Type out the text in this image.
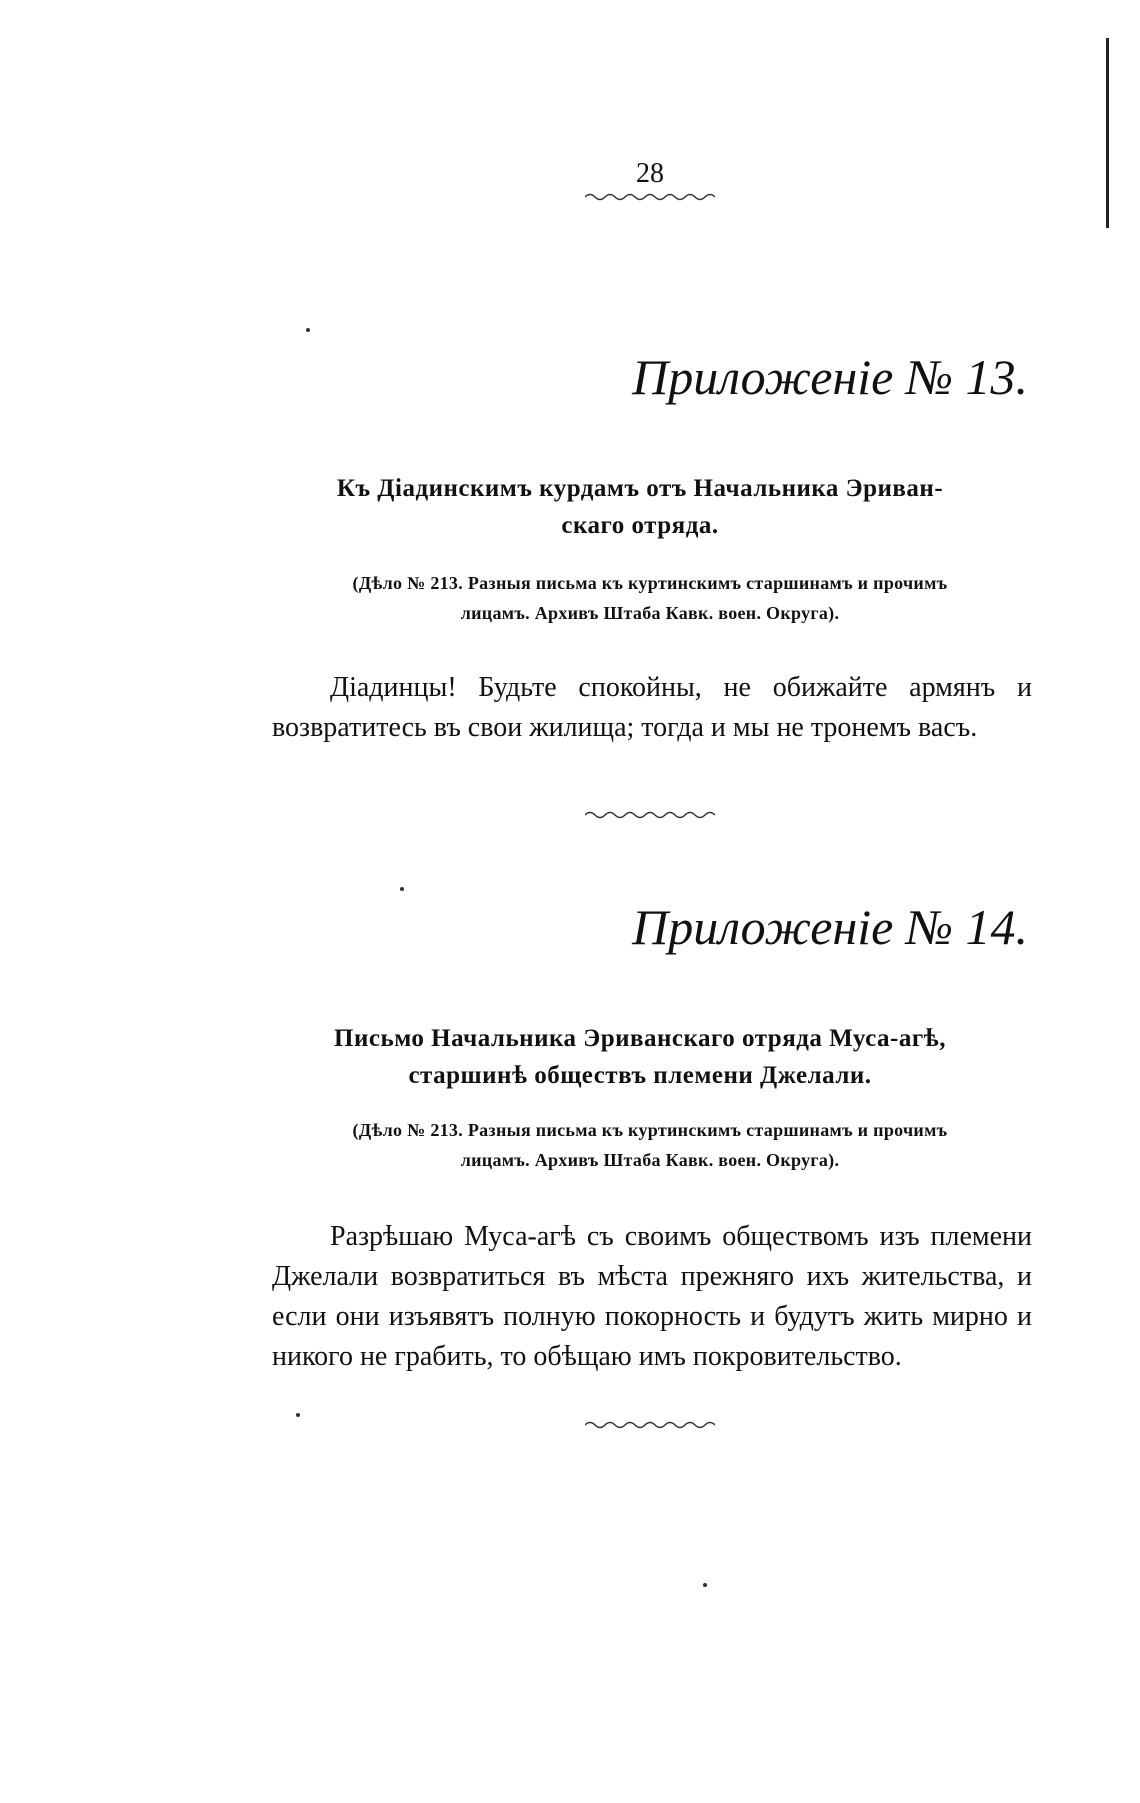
28
Приложеніе № 13.
Къ Діадинскимъ курдамъ отъ Начальника Эриван-
скаго отряда.
(Дѣло № 213. Разныя письма къ куртинскимъ старшинамъ и прочимъ
лицамъ. Архивъ Штаба Кавк. воен. Округа).
Діадинцы! Будьте спокойны, не обижайте армянъ и возвратитесь въ свои жилища; тогда и мы не тронемъ васъ.
Приложеніе № 14.
Письмо Начальника Эриванскаго отряда Муса-агѣ,
старшинѣ обществъ племени Джелали.
(Дѣло № 213. Разныя письма къ куртинскимъ старшинамъ и прочимъ
лицамъ. Архивъ Штаба Кавк. воен. Округа).
Разрѣшаю Муса-агѣ съ своимъ обществомъ изъ племени Джелали возвратиться въ мѣста прежняго ихъ жительства, и если они изъявятъ полную покорность и будутъ жить мирно и никого не грабить, то обѣщаю имъ покровительство.
